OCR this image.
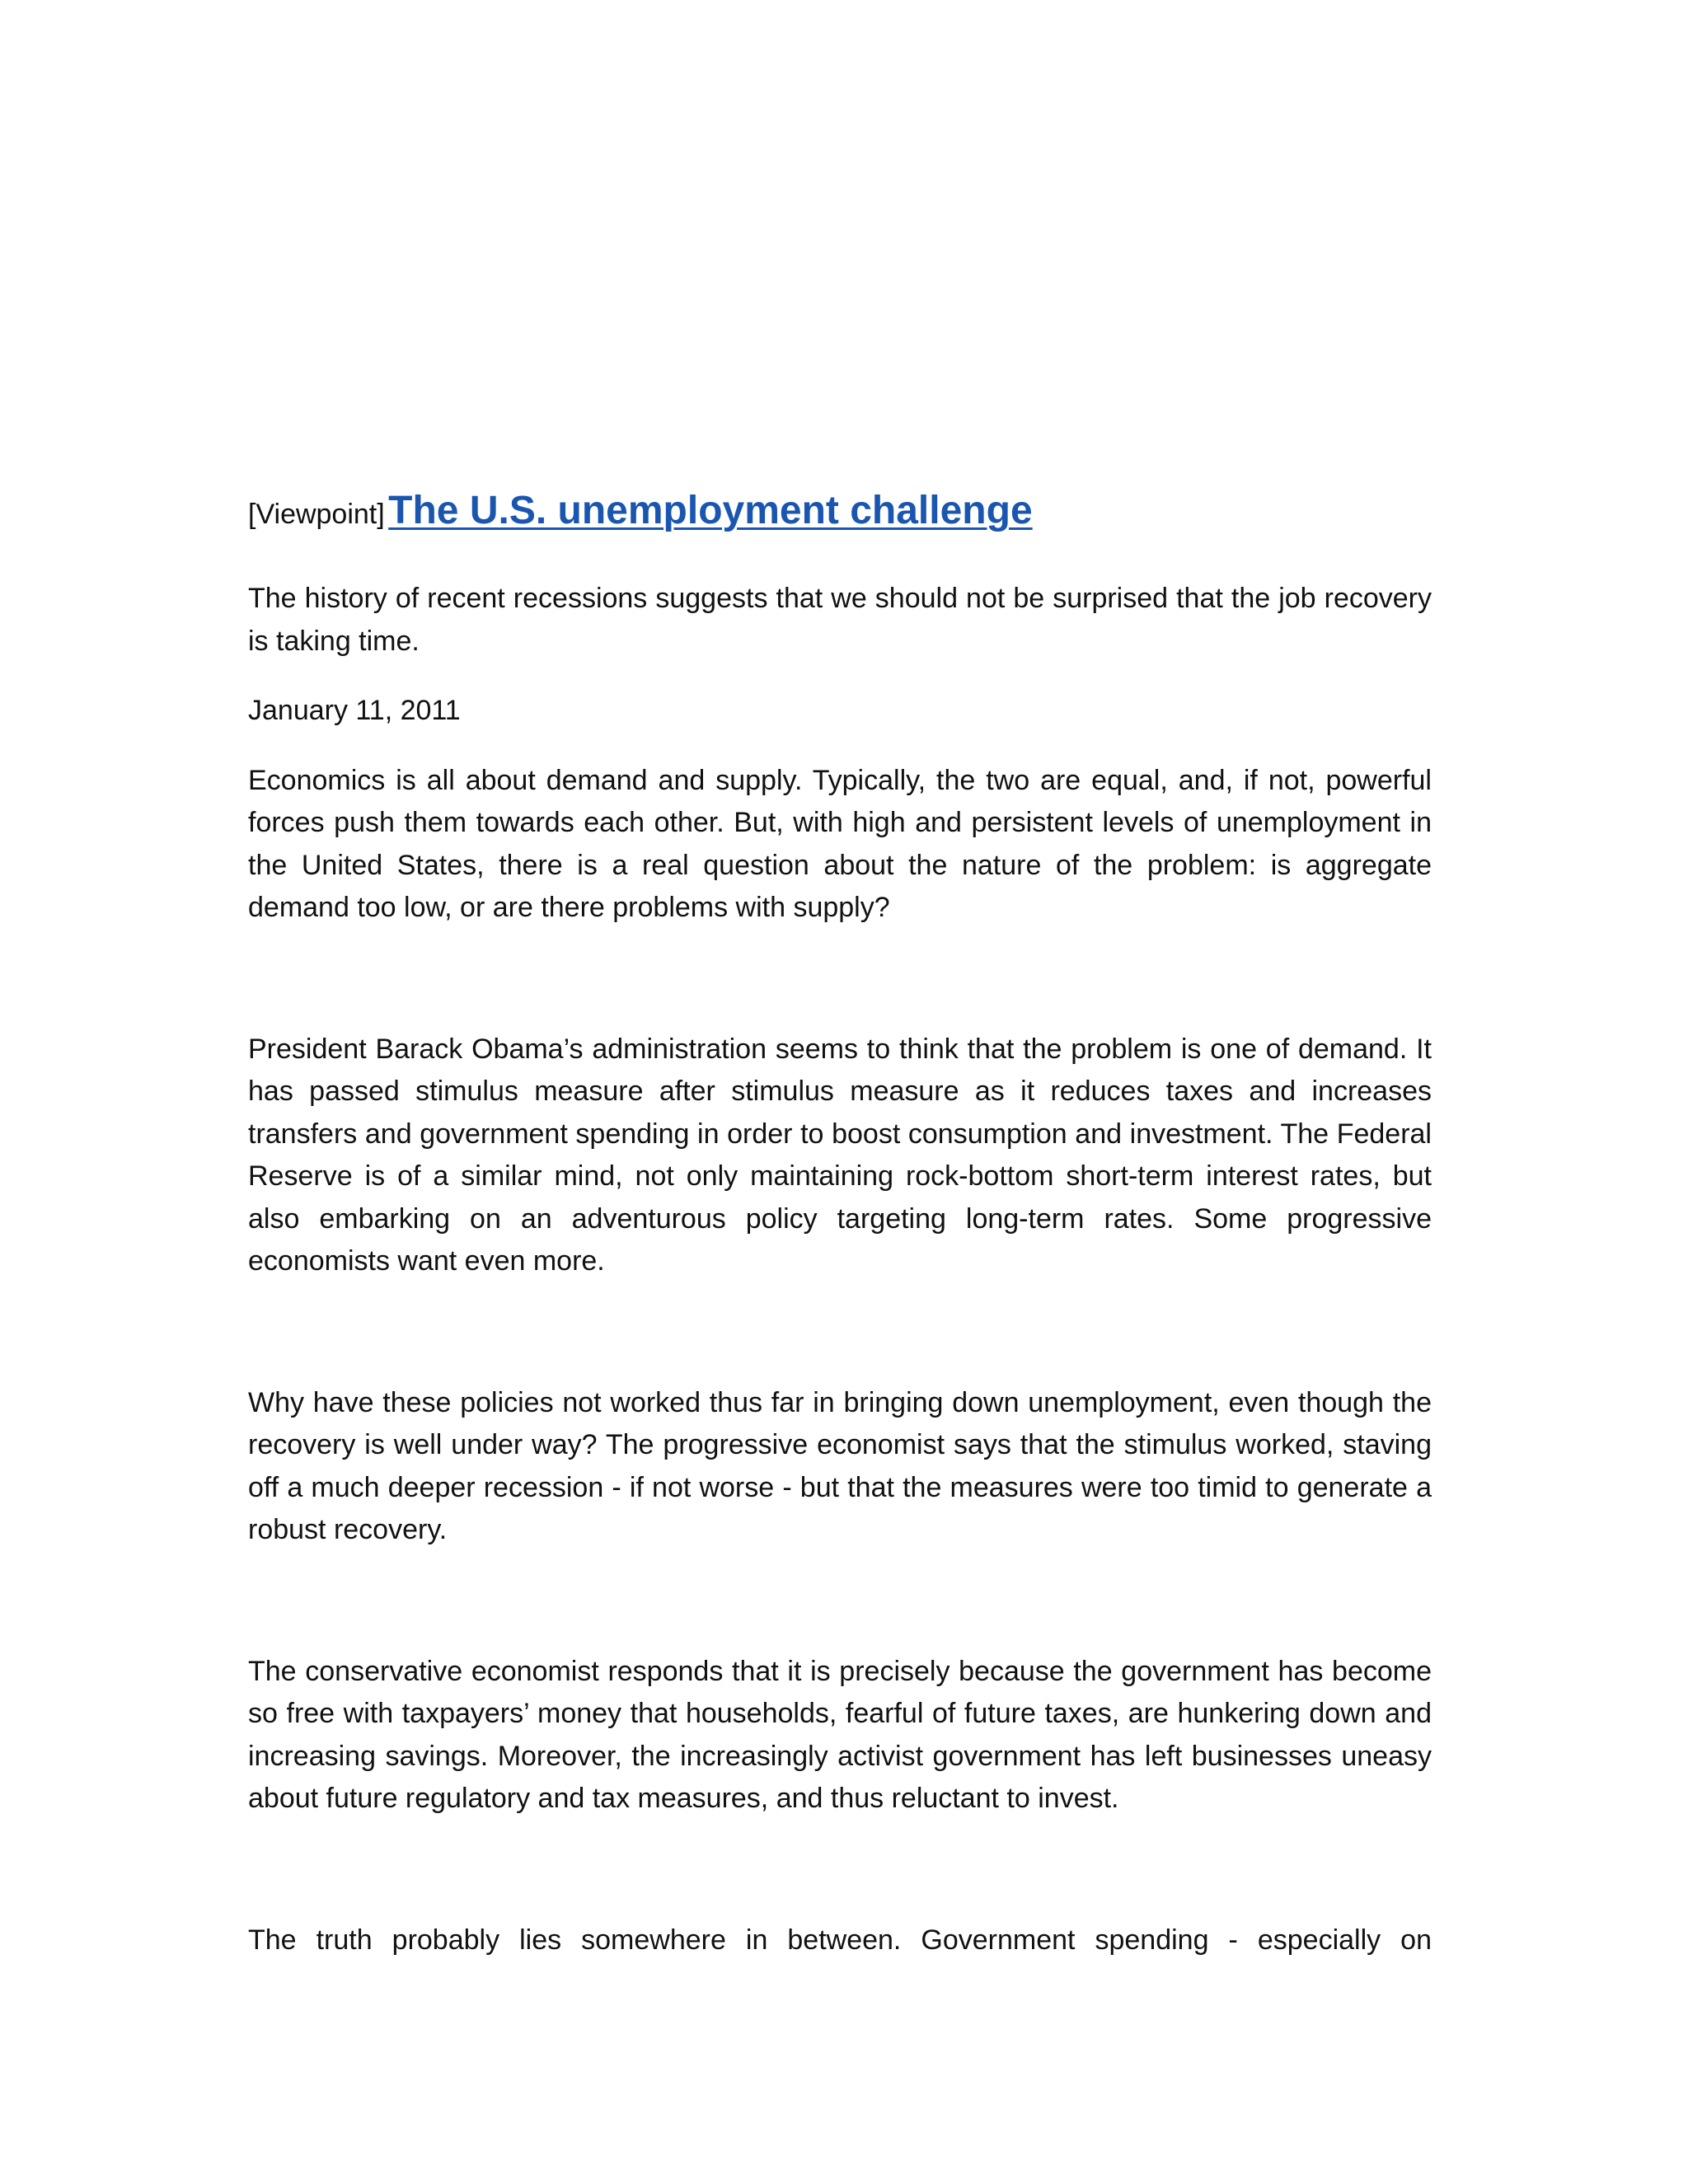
[Viewpoint] The U.S. unemployment challenge

The history of recent recessions suggests that we should not be surprised that the job recovery is taking time.

January 11, 2011

Economics is all about demand and supply. Typically, the two are equal, and, if not, powerful forces push them towards each other. But, with high and persistent levels of unemployment in the United States, there is a real question about the nature of the problem: is aggregate demand too low, or are there problems with supply?

President Barack Obama’s administration seems to think that the problem is one of demand. It has passed stimulus measure after stimulus measure as it reduces taxes and increases transfers and government spending in order to boost consumption and investment. The Federal Reserve is of a similar mind, not only maintaining rock-bottom short-term interest rates, but also embarking on an adventurous policy targeting long-term rates. Some progressive economists want even more.

Why have these policies not worked thus far in bringing down unemployment, even though the recovery is well under way? The progressive economist says that the stimulus worked, staving off a much deeper recession - if not worse - but that the measures were too timid to generate a robust recovery.

The conservative economist responds that it is precisely because the government has become so free with taxpayers’ money that households, fearful of future taxes, are hunkering down and increasing savings. Moreover, the increasingly activist government has left businesses uneasy about future regulatory and tax measures, and thus reluctant to invest.

The truth probably lies somewhere in between. Government spending - especially on
